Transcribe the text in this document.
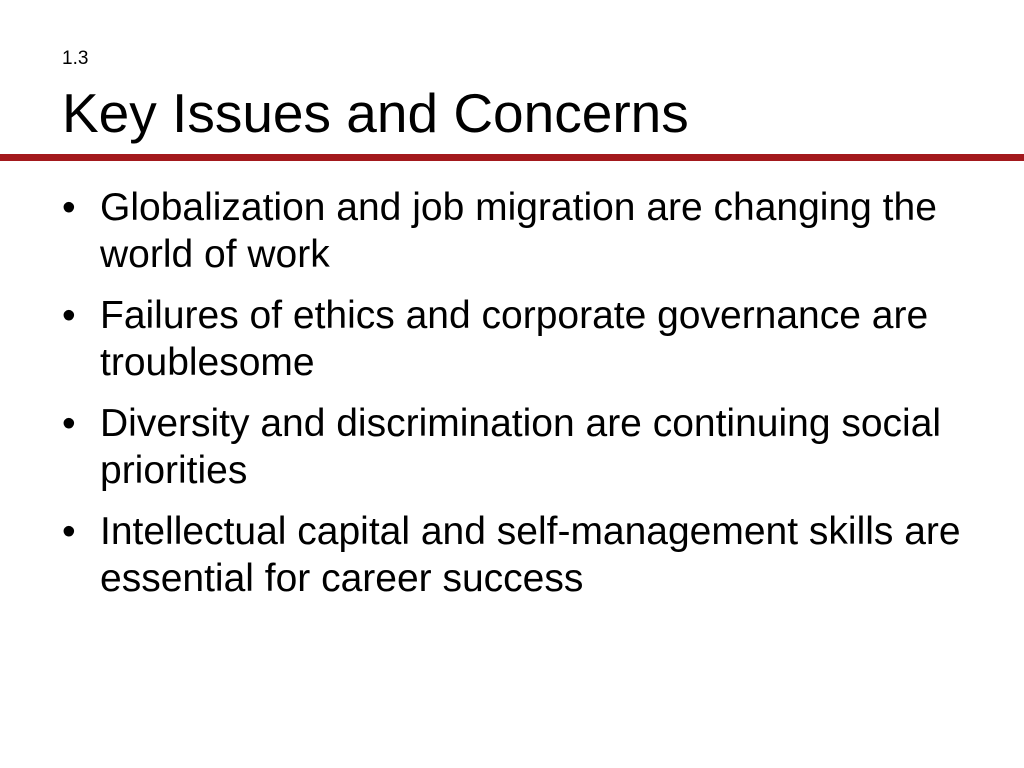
1.3
Key Issues and Concerns
• Globalization and job migration are changing the world of work
• Failures of ethics and corporate governance are troublesome
• Diversity and discrimination are continuing social priorities
• Intellectual capital and self-management skills are essential for career success
